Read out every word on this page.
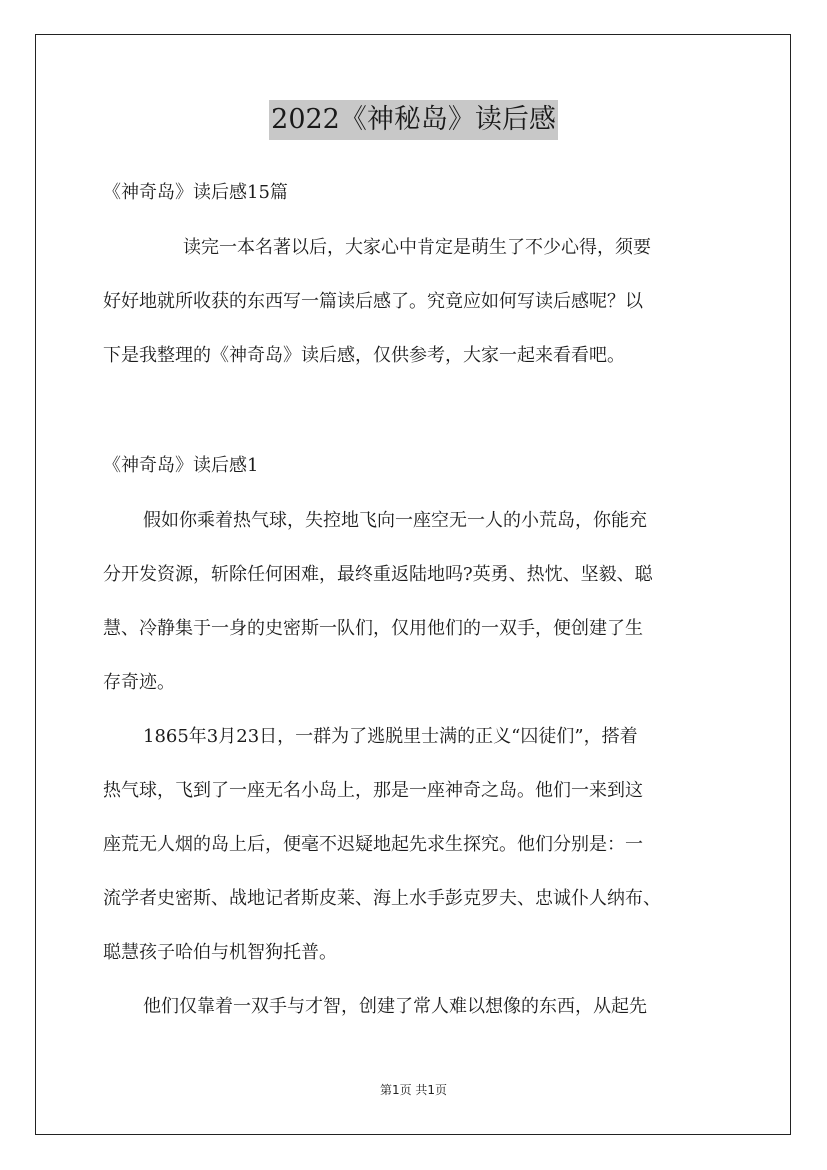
2022《神秘岛》读后感
《神奇岛》读后感15篇
读完一本名著以后，大家心中肯定是萌生了不少心得，须要
好好地就所收获的东西写一篇读后感了。究竟应如何写读后感呢？以
下是我整理的《神奇岛》读后感，仅供参考，大家一起来看看吧。
《神奇岛》读后感1
假如你乘着热气球，失控地飞向一座空无一人的小荒岛，你能充
分开发资源，斩除任何困难，最终重返陆地吗?英勇、热忱、坚毅、聪
慧、冷静集于一身的史密斯一队们，仅用他们的一双手，便创建了生
存奇迹。
1865年3月23日，一群为了逃脱里士满的正义“囚徒们”，搭着
热气球，飞到了一座无名小岛上，那是一座神奇之岛。他们一来到这
座荒无人烟的岛上后，便毫不迟疑地起先求生探究。他们分别是：一
流学者史密斯、战地记者斯皮莱、海上水手彭克罗夫、忠诚仆人纳布、
聪慧孩子哈伯与机智狗托普。
他们仅靠着一双手与才智，创建了常人难以想像的东西，从起先
第1页 共1页
